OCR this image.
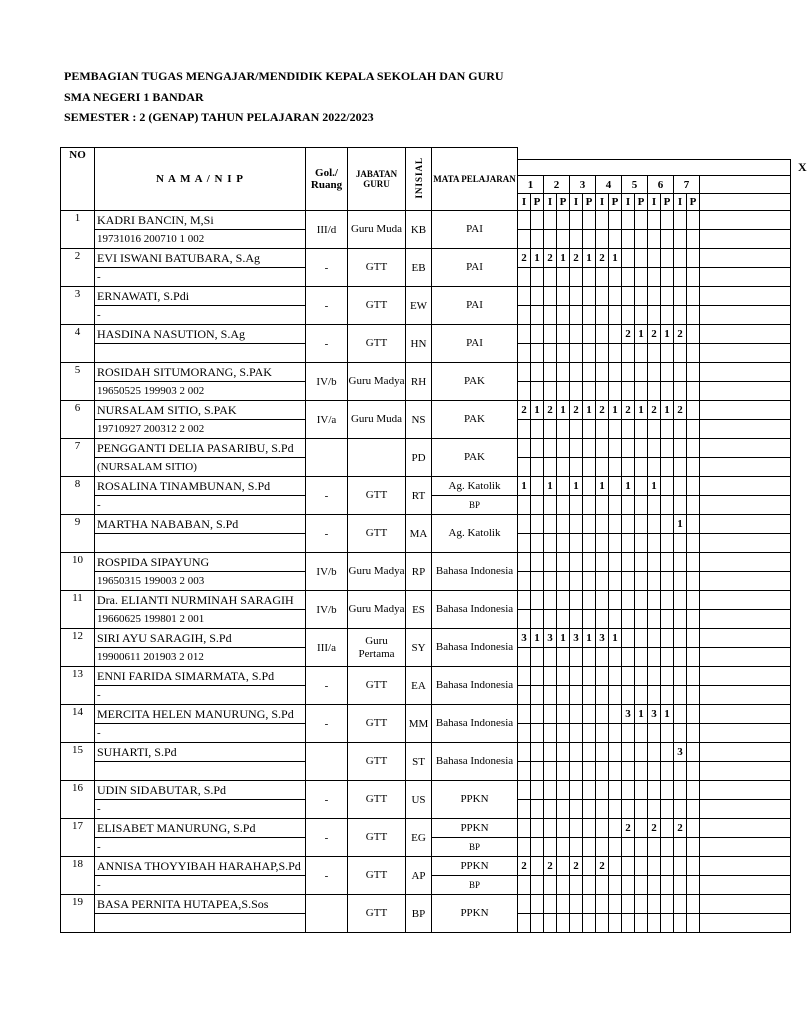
PEMBAGIAN TUGAS MENGAJAR/MENDIDIK KEPALA SEKOLAH DAN GURU
SMA NEGERI 1 BANDAR
SEMESTER : 2 (GENAP) TAHUN PELAJARAN 2022/2023
NO	N A M A / N I P	Gol./ Ruang	JABATAN GURU	INISIAL	MATA PELAJARAN															
						X														
						1		2		3		4		5		6		7		
						I	P	I	P	I	P	I	P	I	P	I	P	I	P	
1	KADRI BANCIN, M,Si	III/d	Guru Muda	KB	PAI															
	19731016 200710 1 002																			
2	EVI ISWANI BATUBARA, S.Ag	-	GTT	EB	PAI	2	1	2	1	2	1	2	1							
	-																			
3	ERNAWATI, S.Pdi	-	GTT	EW	PAI															
	-																			
4	HASDINA NASUTION, S.Ag	-	GTT	HN	PAI									2	1	2	1	2		

5	ROSIDAH SITUMORANG, S.PAK	IV/b	Guru Madya	RH	PAK															
	19650525 199903 2 002																			
6	NURSALAM SITIO, S.PAK	IV/a	Guru Muda	NS	PAK	2	1	2	1	2	1	2	1	2	1	2	1	2		
	19710927 200312 2 002																			
7	PENGGANTI DELIA PASARIBU, S.Pd			PD	PAK															
	(NURSALAM SITIO)																			
8	ROSALINA TINAMBUNAN, S.Pd	-	GTT	RT	Ag. Katolik	1		1		1		1		1		1				
	-				BP															
9	MARTHA NABABAN, S.Pd	-	GTT	MA	Ag. Katolik													1		

10	ROSPIDA SIPAYUNG	IV/b	Guru Madya	RP	Bahasa Indonesia															
	19650315 199003 2 003																			
11	Dra. ELIANTI NURMINAH SARAGIH	IV/b	Guru Madya	ES	Bahasa Indonesia															
	19660625 199801 2 001																			
12	SIRI AYU SARAGIH, S.Pd	III/a	Guru Pertama	SY	Bahasa Indonesia	3	1	3	1	3	1	3	1							
	19900611 201903 2 012																			
13	ENNI FARIDA SIMARMATA, S.Pd	-	GTT	EA	Bahasa Indonesia															
	-																			
14	MERCITA HELEN MANURUNG, S.Pd	-	GTT	MM	Bahasa Indonesia									3	1	3	1			
	-																			
15	SUHARTI, S.Pd		GTT	ST	Bahasa Indonesia													3		

16	UDIN SIDABUTAR, S.Pd	-	GTT	US	PPKN															
	-																			
17	ELISABET MANURUNG, S.Pd	-	GTT	EG	PPKN									2		2		2		
	-				BP															
18	ANNISA THOYYIBAH HARAHAP,S.Pd	-	GTT	AP	PPKN	2		2		2		2								
	-				BP															
19	BASA PERNITA HUTAPEA,S.Sos		GTT	BP	PPKN															
